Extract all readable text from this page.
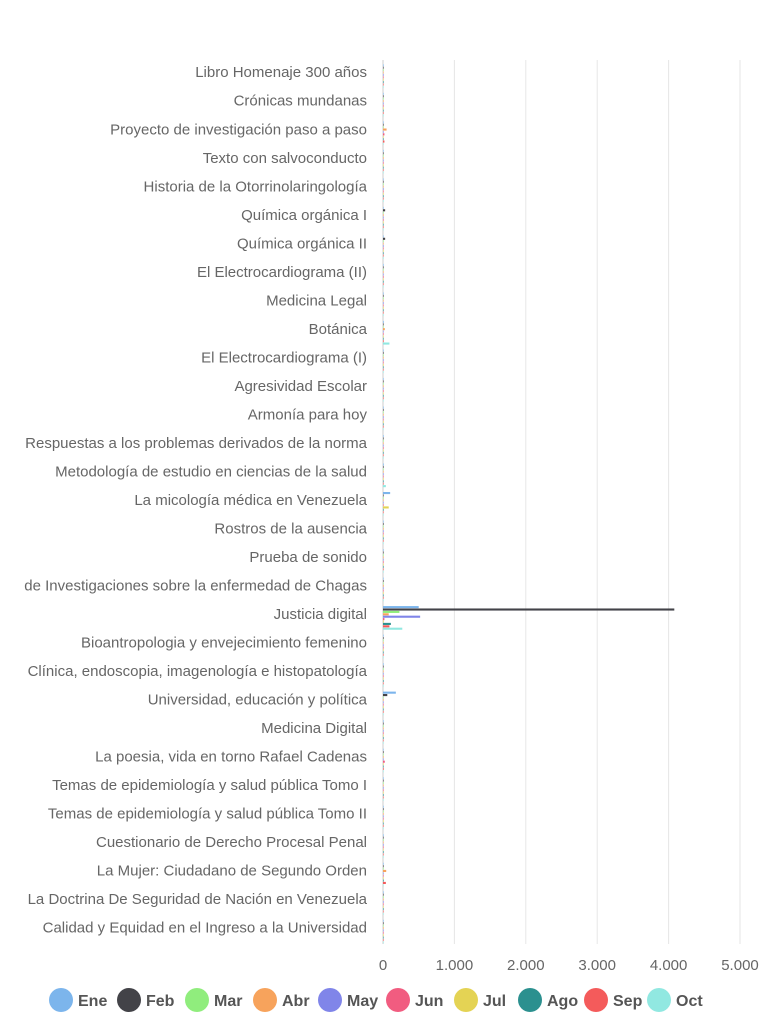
Libro Homenaje 300 años
Crónicas mundanas
Proyecto de investigación paso a paso
Texto con salvoconducto
Historia de la Otorrinolaringología
Química orgánica I
Química orgánica II
El Electrocardiograma (II)
Medicina Legal
Botánica
El Electrocardiograma (I)
Agresividad Escolar
Armonía para hoy
Respuestas a los problemas derivados de la norma
Metodología de estudio en ciencias de la salud
La micología médica en Venezuela
Rostros de la ausencia
Prueba de sonido
de Investigaciones sobre la enfermedad de Chagas
Justicia digital
Bioantropologia y envejecimiento femenino
Clínica, endoscopia, imagenología e histopatología
Universidad, educación y política
Medicina Digital
La poesia, vida en torno Rafael Cadenas
Temas de epidemiología y salud pública Tomo I
Temas de epidemiología y salud pública Tomo II
Cuestionario de Derecho Procesal Penal
La Mujer: Ciudadano de Segundo Orden
La Doctrina De Seguridad de Nación en Venezuela
Calidad y Equidad en el Ingreso a la Universidad
0	1.000 2.000 3.000 4.000 5.000
Ene Feb Mar Abr May Jun Jul	Ago Sep Oct
